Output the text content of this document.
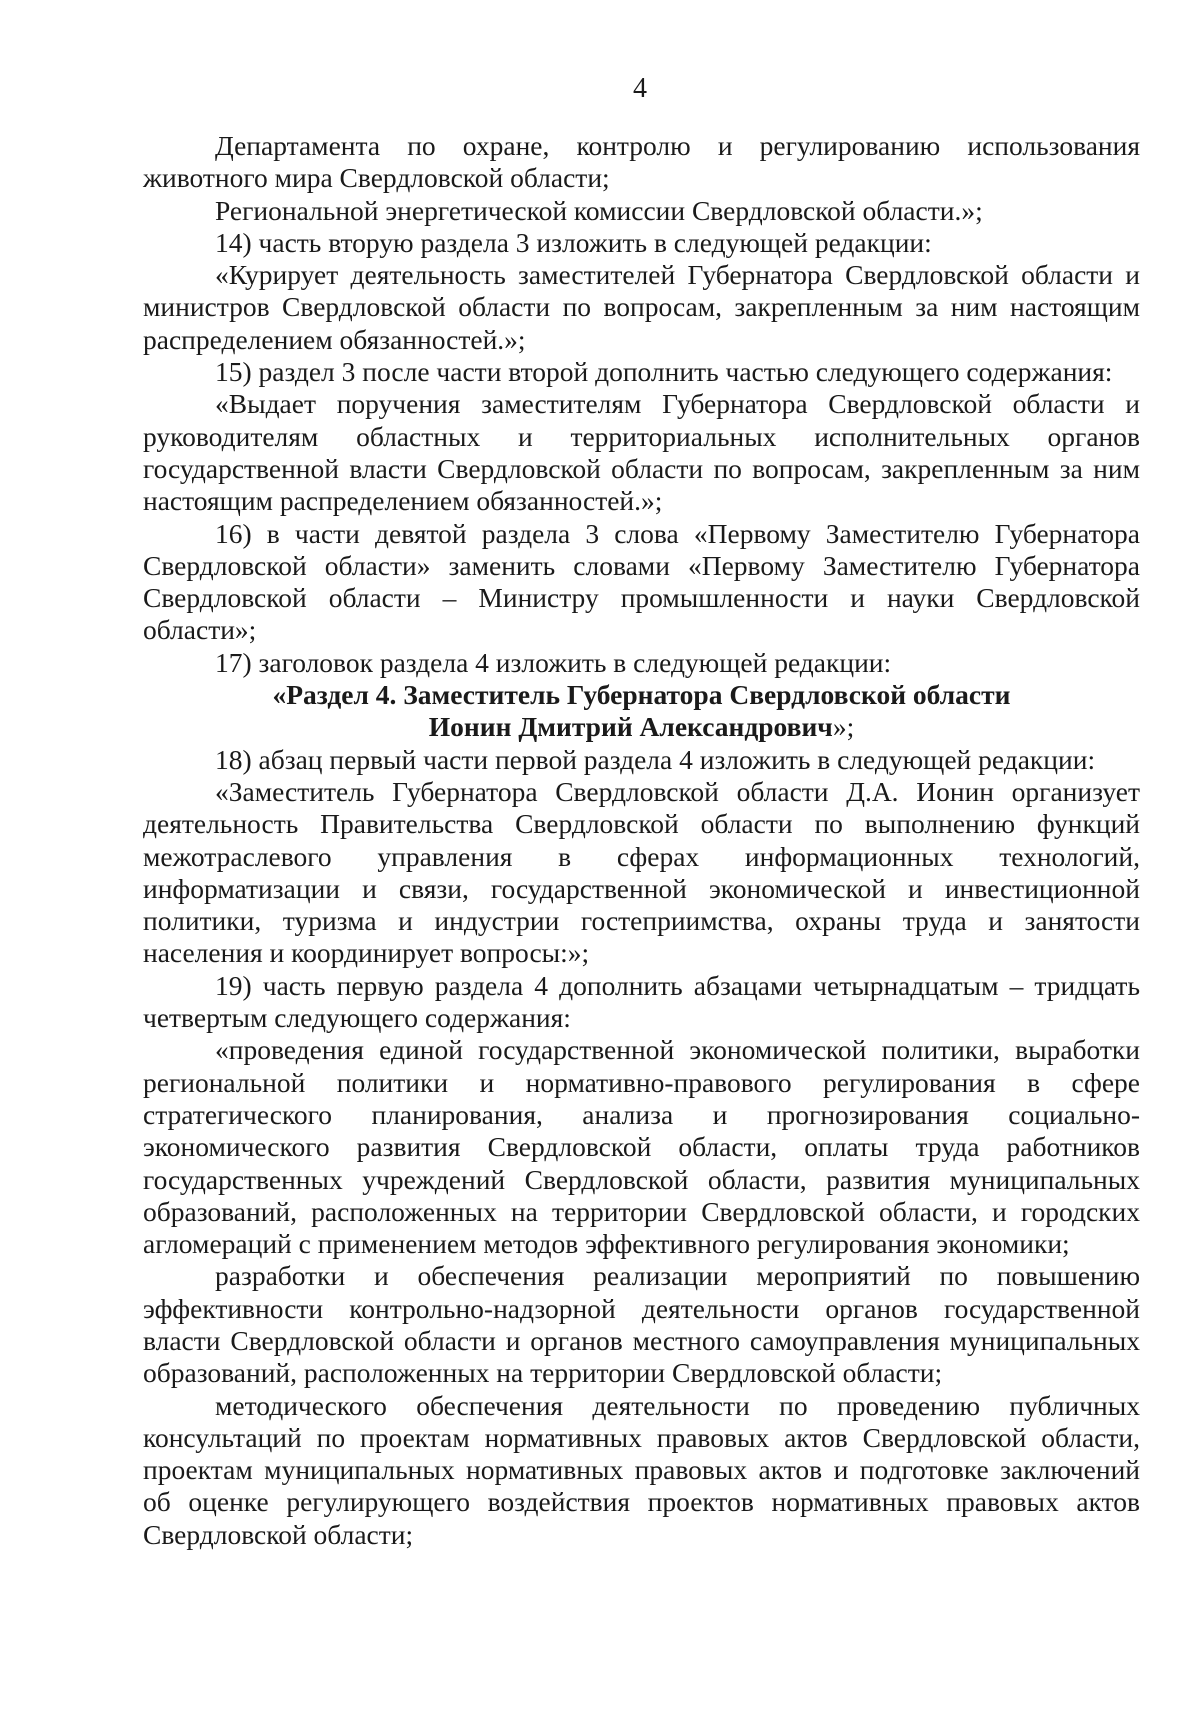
4

Департамента по охране, контролю и регулированию использования животного мира Свердловской области;

Региональной энергетической комиссии Свердловской области.»;

14) часть вторую раздела 3 изложить в следующей редакции:

«Курирует деятельность заместителей Губернатора Свердловской области и министров Свердловской области по вопросам, закрепленным за ним настоящим распределением обязанностей.»;

15) раздел 3 после части второй дополнить частью следующего содержания:

«Выдает поручения заместителям Губернатора Свердловской области и руководителям областных и территориальных исполнительных органов государственной власти Свердловской области по вопросам, закрепленным за ним настоящим распределением обязанностей.»;

16) в части девятой раздела 3 слова «Первому Заместителю Губернатора Свердловской области» заменить словами «Первому Заместителю Губернатора Свердловской области – Министру промышленности и науки Свердловской области»;

17) заголовок раздела 4 изложить в следующей редакции:

«Раздел 4. Заместитель Губернатора Свердловской области
Ионин Дмитрий Александрович»;

18) абзац первый части первой раздела 4 изложить в следующей редакции:

«Заместитель Губернатора Свердловской области Д.А. Ионин организует деятельность Правительства Свердловской области по выполнению функций межотраслевого управления в сферах информационных технологий, информатизации и связи, государственной экономической и инвестиционной политики, туризма и индустрии гостеприимства, охраны труда и занятости населения и координирует вопросы:»;

19) часть первую раздела 4 дополнить абзацами четырнадцатым – тридцать четвертым следующего содержания:

«проведения единой государственной экономической политики, выработки региональной политики и нормативно-правового регулирования в сфере стратегического планирования, анализа и прогнозирования социально-экономического развития Свердловской области, оплаты труда работников государственных учреждений Свердловской области, развития муниципальных образований, расположенных на территории Свердловской области, и городских агломераций с применением методов эффективного регулирования экономики;

разработки и обеспечения реализации мероприятий по повышению эффективности контрольно-надзорной деятельности органов государственной власти Свердловской области и органов местного самоуправления муниципальных образований, расположенных на территории Свердловской области;

методического обеспечения деятельности по проведению публичных консультаций по проектам нормативных правовых актов Свердловской области, проектам муниципальных нормативных правовых актов и подготовке заключений об оценке регулирующего воздействия проектов нормативных правовых актов Свердловской области;
